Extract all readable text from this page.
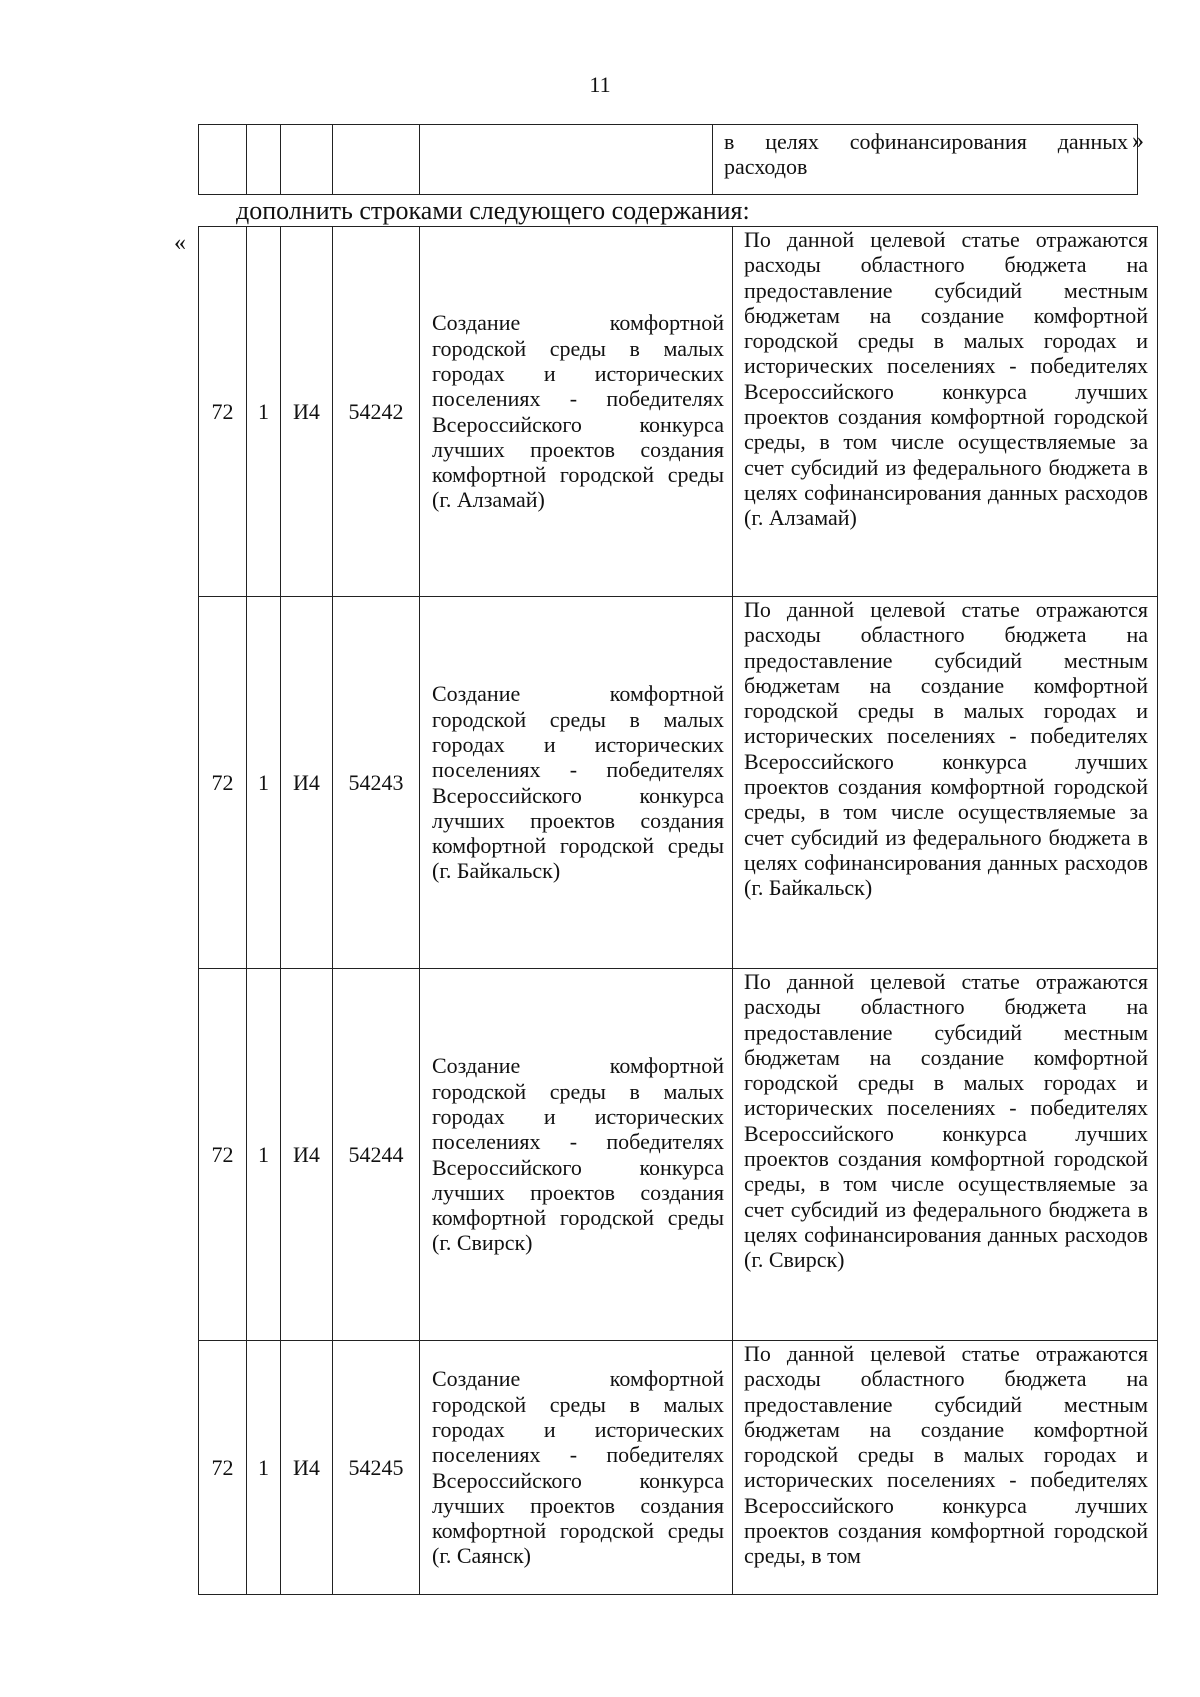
11
					в целях софинансирования данных расходов
»
дополнить строками следующего содержания:
«
72	1	И4	54242	Создание комфортной городской среды в малых городах и исторических поселениях - победителях Всероссийского конкурса лучших проектов создания комфортной городской среды (г. Алзамай)	По данной целевой статье отражаются расходы областного бюджета на предоставление субсидий местным бюджетам на создание комфортной городской среды в малых городах и исторических поселениях - победителях Всероссийского конкурса лучших проектов создания комфортной городской среды, в том числе осуществляемые за счет субсидий из федерального бюджета в целях софинансирования данных расходов (г. Алзамай)
72	1	И4	54243	Создание комфортной городской среды в малых городах и исторических поселениях - победителях Всероссийского конкурса лучших проектов создания комфортной городской среды (г. Байкальск)	По данной целевой статье отражаются расходы областного бюджета на предоставление субсидий местным бюджетам на создание комфортной городской среды в малых городах и исторических поселениях - победителях Всероссийского конкурса лучших проектов создания комфортной городской среды, в том числе осуществляемые за счет субсидий из федерального бюджета в целях софинансирования данных расходов (г. Байкальск)
72	1	И4	54244	Создание комфортной городской среды в малых городах и исторических поселениях - победителях Всероссийского конкурса лучших проектов создания комфортной городской среды (г. Свирск)	По данной целевой статье отражаются расходы областного бюджета на предоставление субсидий местным бюджетам на создание комфортной городской среды в малых городах и исторических поселениях - победителях Всероссийского конкурса лучших проектов создания комфортной городской среды, в том числе осуществляемые за счет субсидий из федерального бюджета в целях софинансирования данных расходов (г. Свирск)
72	1	И4	54245	Создание комфортной городской среды в малых городах и исторических поселениях - победителях Всероссийского конкурса лучших проектов создания комфортной городской среды (г. Саянск)	По данной целевой статье отражаются расходы областного бюджета на предоставление субсидий местным бюджетам на создание комфортной городской среды в малых городах и исторических поселениях - победителях Всероссийского конкурса лучших проектов создания комфортной городской среды, в том
